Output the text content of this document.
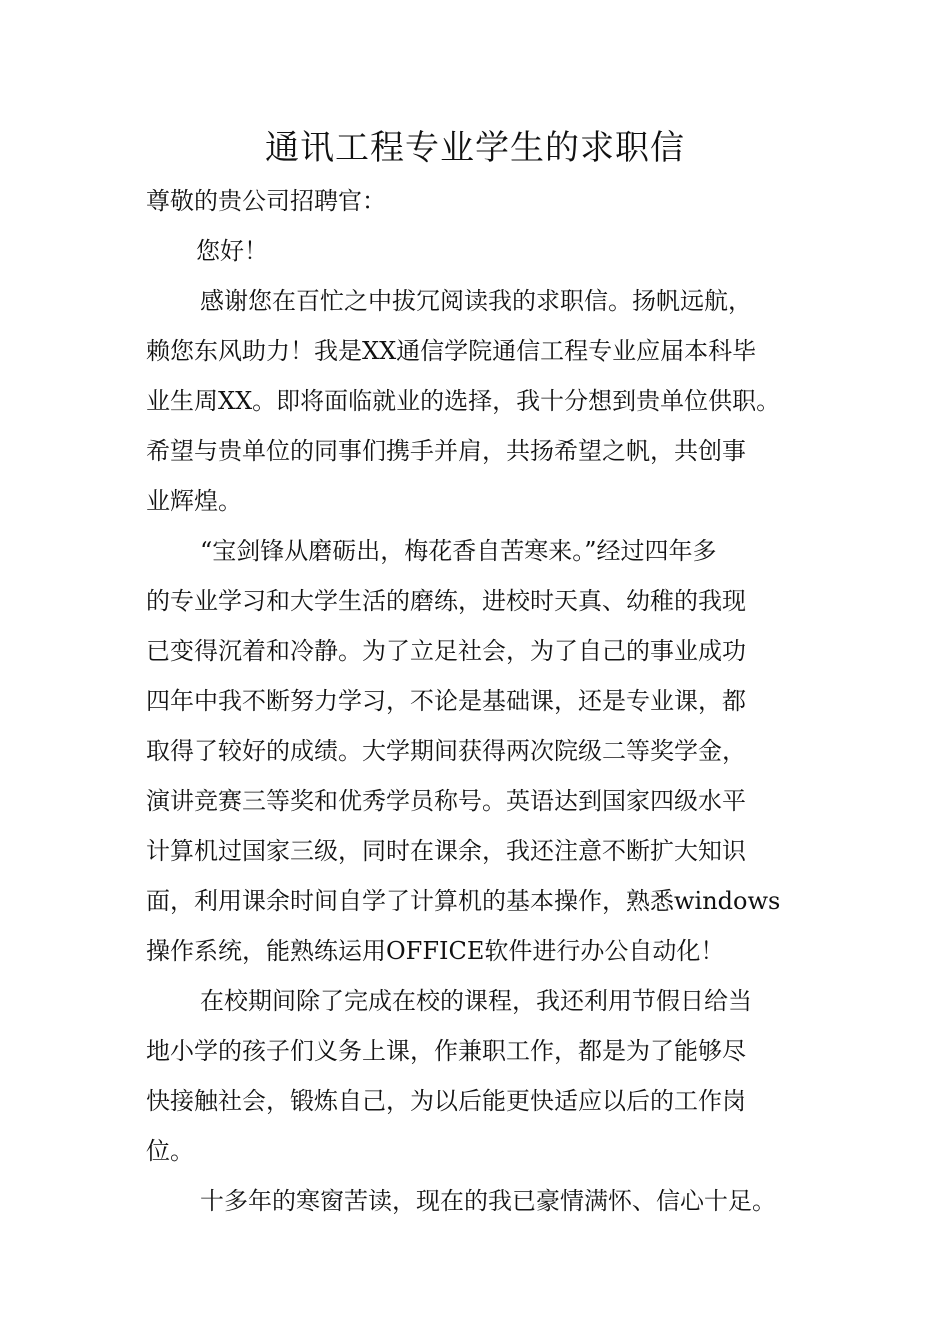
通讯工程专业学生的求职信
尊敬的贵公司招聘官：
您好！
感谢您在百忙之中拔冗阅读我的求职信。扬帆远航，
赖您东风助力！我是XX通信学院通信工程专业应届本科毕
业生周XX。即将面临就业的选择，我十分想到贵单位供职。
希望与贵单位的同事们携手并肩，共扬希望之帆，共创事
业辉煌。
“宝剑锋从磨砺出，梅花香自苦寒来。”经过四年多
的专业学习和大学生活的磨练，进校时天真、幼稚的我现
已变得沉着和冷静。为了立足社会，为了自己的事业成功
四年中我不断努力学习，不论是基础课，还是专业课，都
取得了较好的成绩。大学期间获得两次院级二等奖学金，
演讲竞赛三等奖和优秀学员称号。英语达到国家四级水平
计算机过国家三级，同时在课余，我还注意不断扩大知识
面，利用课余时间自学了计算机的基本操作，熟悉windows
操作系统，能熟练运用OFFICE软件进行办公自动化！
在校期间除了完成在校的课程，我还利用节假日给当
地小学的孩子们义务上课，作兼职工作，都是为了能够尽
快接触社会，锻炼自己，为以后能更快适应以后的工作岗
位。
十多年的寒窗苦读，现在的我已豪情满怀、信心十足。
